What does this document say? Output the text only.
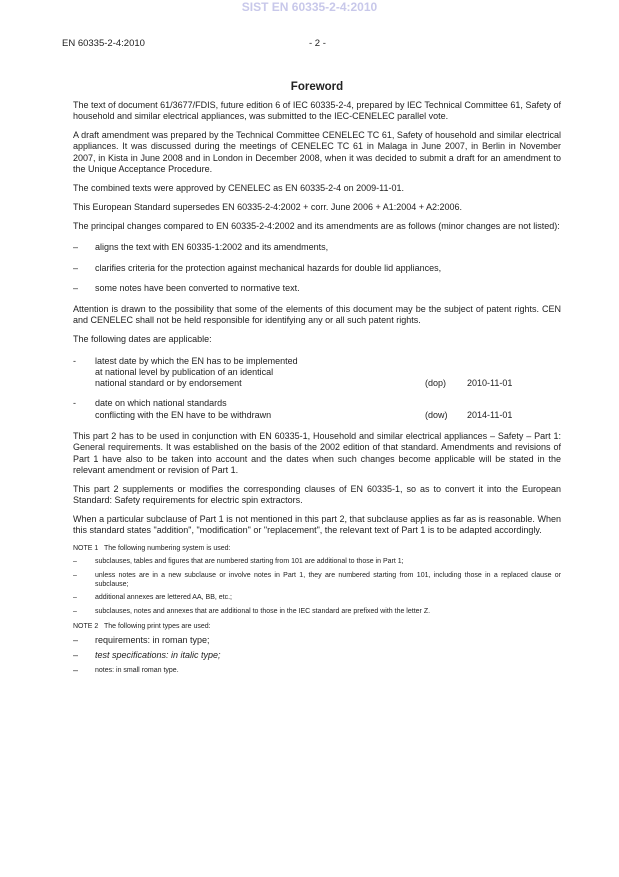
SIST EN 60335-2-4:2010
EN 60335-2-4:2010	- 2 -
Foreword

The text of document 61/3677/FDIS, future edition 6 of IEC 60335-2-4, prepared by IEC Technical Committee 61, Safety of household and similar electrical appliances, was submitted to the IEC-CENELEC parallel vote.

A draft amendment was prepared by the Technical Committee CENELEC TC 61, Safety of household and similar electrical appliances. It was discussed during the meetings of CENELEC TC 61 in Malaga in June 2007, in Berlin in November 2007, in Kista in June 2008 and in London in December 2008, when it was decided to submit a draft for an amendment to the Unique Acceptance Procedure.

The combined texts were approved by CENELEC as EN 60335-2-4 on 2009-11-01.

This European Standard supersedes EN 60335-2-4:2002 + corr. June 2006 + A1:2004 + A2:2006.

The principal changes compared to EN 60335-2-4:2002 and its amendments are as follows (minor changes are not listed):

–	aligns the text with EN 60335-1:2002 and its amendments,
–	clarifies criteria for the protection against mechanical hazards for double lid appliances,
–	some notes have been converted to normative text.

Attention is drawn to the possibility that some of the elements of this document may be the subject of patent rights. CEN and CENELEC shall not be held responsible for identifying any or all such patent rights.

The following dates are applicable:

-	latest date by which the EN has to be implemented
at national level by publication of an identical
national standard or by endorsement	(dop)	2010-11-01
-	date on which national standards
conflicting with the EN have to be withdrawn	(dow)	2014-11-01

This part 2 has to be used in conjunction with EN 60335-1, Household and similar electrical appliances – Safety – Part 1: General requirements. It was established on the basis of the 2002 edition of that standard. Amendments and revisions of Part 1 have also to be taken into account and the dates when such changes become applicable will be stated in the relevant amendment or revision of Part 1.

This part 2 supplements or modifies the corresponding clauses of EN 60335-1, so as to convert it into the European Standard: Safety requirements for electric spin extractors.

When a particular subclause of Part 1 is not mentioned in this part 2, that subclause applies as far as is reasonable. When this standard states "addition", "modification" or "replacement", the relevant text of Part 1 is to be adapted accordingly.

NOTE 1   The following numbering system is used:
–	subclauses, tables and figures that are numbered starting from 101 are additional to those in Part 1;
–	unless notes are in a new subclause or involve notes in Part 1, they are numbered starting from 101, including those in a replaced clause or subclause;
–	additional annexes are lettered AA, BB, etc.;
–	subclauses, notes and annexes that are additional to those in the IEC standard are prefixed with the letter Z.
NOTE 2   The following print types are used:
–	requirements: in roman type;
–	test specifications: in italic type;
–	notes: in small roman type.
